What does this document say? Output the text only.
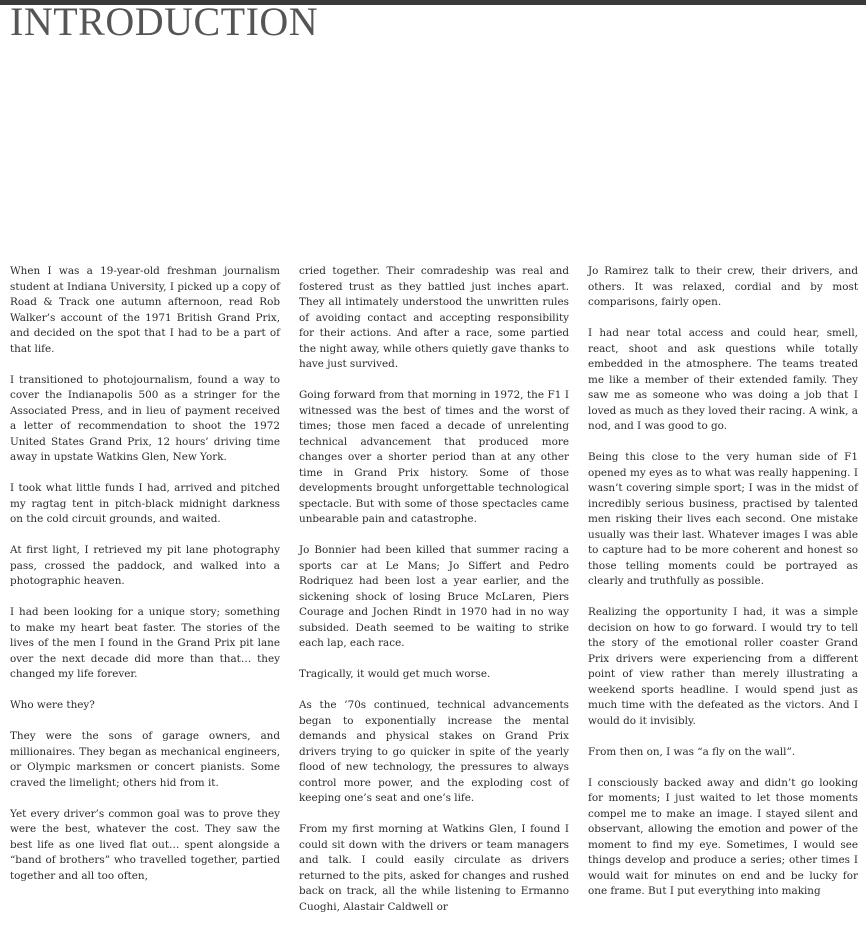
INTRODUCTION

When I was a 19-year-old freshman journalism student at Indiana University, I picked up a copy of Road & Track one autumn afternoon, read Rob Walker’s account of the 1971 British Grand Prix, and decided on the spot that I had to be a part of that life.

I transitioned to photojournalism, found a way to cover the Indianapolis 500 as a stringer for the Associated Press, and in lieu of payment received a letter of recommendation to shoot the 1972 United States Grand Prix, 12 hours’ driving time away in upstate Watkins Glen, New York.

I took what little funds I had, arrived and pitched my ragtag tent in pitch-black midnight darkness on the cold circuit grounds, and waited.

At first light, I retrieved my pit lane photography pass, crossed the paddock, and walked into a photographic heaven.

I had been looking for a unique story; something to make my heart beat faster. The stories of the lives of the men I found in the Grand Prix pit lane over the next decade did more than that… they changed my life forever.

Who were they?

They were the sons of garage owners, and millionaires. They began as mechanical engineers, or Olympic marksmen or concert pianists. Some craved the limelight; others hid from it.

Yet every driver’s common goal was to prove they were the best, whatever the cost. They saw the best life as one lived flat out… spent alongside a “band of brothers” who travelled together, partied together and all too often,

cried together. Their comradeship was real and fostered trust as they battled just inches apart. They all intimately understood the unwritten rules of avoiding contact and accepting responsibility for their actions. And after a race, some partied the night away, while others quietly gave thanks to have just survived.

Going forward from that morning in 1972, the F1 I witnessed was the best of times and the worst of times; those men faced a decade of unrelenting technical advancement that produced more changes over a shorter period than at any other time in Grand Prix history. Some of those developments brought unforgettable technological spectacle. But with some of those spectacles came unbearable pain and catastrophe.

Jo Bonnier had been killed that summer racing a sports car at Le Mans; Jo Siffert and Pedro Rodriquez had been lost a year earlier, and the sickening shock of losing Bruce McLaren, Piers Courage and Jochen Rindt in 1970 had in no way subsided. Death seemed to be waiting to strike each lap, each race.

Tragically, it would get much worse.

As the ’70s continued, technical advancements began to exponentially increase the mental demands and physical stakes on Grand Prix drivers trying to go quicker in spite of the yearly flood of new technology, the pressures to always control more power, and the exploding cost of keeping one’s seat and one’s life.

From my first morning at Watkins Glen, I found I could sit down with the drivers or team managers and talk. I could easily circulate as drivers returned to the pits, asked for changes and rushed back on track, all the while listening to Ermanno Cuoghi, Alastair Caldwell or

Jo Ramirez talk to their crew, their drivers, and others. It was relaxed, cordial and by most comparisons, fairly open.

I had near total access and could hear, smell, react, shoot and ask questions while totally embedded in the atmosphere. The teams treated me like a member of their extended family. They saw me as someone who was doing a job that I loved as much as they loved their racing. A wink, a nod, and I was good to go.

Being this close to the very human side of F1 opened my eyes as to what was really happening. I wasn’t covering simple sport; I was in the midst of incredibly serious business, practised by talented men risking their lives each second. One mistake usually was their last. Whatever images I was able to capture had to be more coherent and honest so those telling moments could be portrayed as clearly and truthfully as possible.

Realizing the opportunity I had, it was a simple decision on how to go forward. I would try to tell the story of the emotional roller coaster Grand Prix drivers were experiencing from a different point of view rather than merely illustrating a weekend sports headline. I would spend just as much time with the defeated as the victors. And I would do it invisibly.

From then on, I was “a fly on the wall”.

I consciously backed away and didn’t go looking for moments; I just waited to let those moments compel me to make an image. I stayed silent and observant, allowing the emotion and power of the moment to find my eye. Sometimes, I would see things develop and produce a series; other times I would wait for minutes on end and be lucky for one frame. But I put everything into making
